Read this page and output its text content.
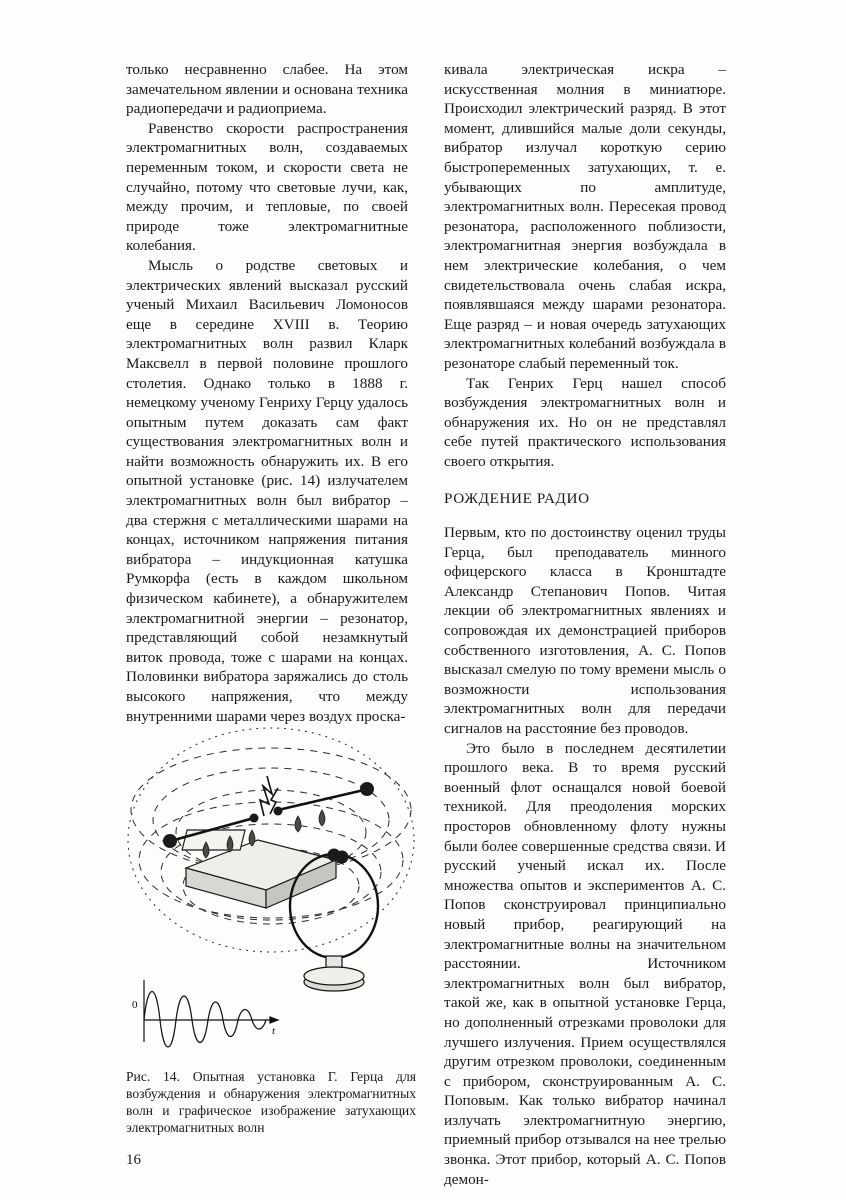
только несравненно слабее. На этом замечательном явлении и основана техника радиопередачи и радиоприема.

Равенство скорости распространения электромагнитных волн, создаваемых переменным током, и скорости света не случайно, потому что световые лучи, как, между прочим, и тепловые, по своей природе тоже электромагнитные колебания.

Мысль о родстве световых и электрических явлений высказал русский ученый Михаил Васильевич Ломоносов еще в середине XVIII в. Теорию электромагнитных волн развил Кларк Максвелл в первой половине прошлого столетия. Однако только в 1888 г. немецкому ученому Генриху Герцу удалось опытным путем доказать сам факт существования электромагнитных волн и найти возможность обнаружить их. В его опытной установке (рис. 14) излучателем электромагнитных волн был вибратор – два стержня с металлическими шарами на концах, источником напряжения питания вибратора – индукционная катушка Румкорфа (есть в каждом школьном физическом кабинете), а обнаружителем электромагнитной энергии – резонатор, представляющий собой незамкнутый виток провода, тоже с шарами на концах. Половинки вибратора заряжались до столь высокого напряжения, что между внутренними шарами через воздух проска-

кивала электрическая искра – искусственная молния в миниатюре. Происходил электрический разряд. В этот момент, длившийся малые доли секунды, вибратор излучал короткую серию быстропеременных затухающих, т. е. убывающих по амплитуде, электромагнитных волн. Пересекая провод резонатора, расположенного поблизости, электромагнитная энергия возбуждала в нем электрические колебания, о чем свидетельствовала очень слабая искра, появлявшаяся между шарами резонатора. Еще разряд – и новая очередь затухающих электромагнитных колебаний возбуждала в резонаторе слабый переменный ток.

Так Генрих Герц нашел способ возбуждения электромагнитных волн и обнаружения их. Но он не представлял себе путей практического использования своего открытия.

РОЖДЕНИЕ РАДИО

Первым, кто по достоинству оценил труды Герца, был преподаватель минного офицерского класса в Кронштадте Александр Степанович Попов. Читая лекции об электромагнитных явлениях и сопровождая их демонстрацией приборов собственного изготовления, А. С. Попов высказал смелую по тому времени мысль о возможности использования электромагнитных волн для передачи сигналов на расстояние без проводов.

Это было в последнем десятилетии прошлого века. В то время русский военный флот оснащался новой боевой техникой. Для преодоления морских просторов обновленному флоту нужны были более совершенные средства связи. И русский ученый искал их. После множества опытов и экспериментов А. С. Попов сконструировал принципиально новый прибор, реагирующий на электромагнитные волны на значительном расстоянии. Источником электромагнитных волн был вибратор, такой же, как в опытной установке Герца, но дополненный отрезками проволоки для лучшего излучения. Прием осуществлялся другим отрезком проволоки, соединенным с прибором, сконструированным А. С. Поповым. Как только вибратор начинал излучать электромагнитную энергию, приемный прибор отзывался на нее трелью звонка. Этот прибор, который А. С. Попов демон-

0
t
Рис. 14. Опытная установка Г. Герца для возбуждения и обнаружения электромагнитных волн и графическое изображение затухающих электромагнитных волн
16
